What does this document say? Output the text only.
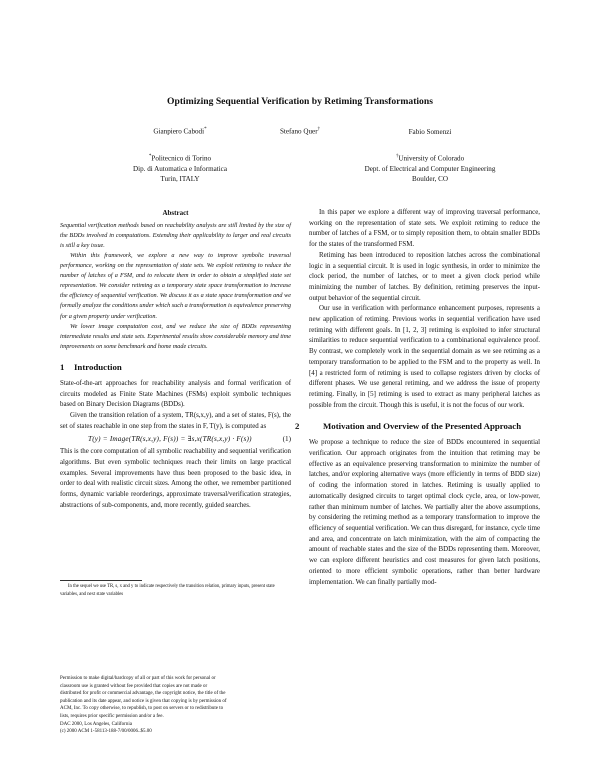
Optimizing Sequential Verification by Retiming Transformations
Gianpiero Cabodi*	Stefano Quer†	Fabio Somenzi
*Politecnico di Torino
Dip. di Automatica e Informatica
Turin, ITALY
†University of Colorado
Dept. of Electrical and Computer Engineering
Boulder, CO
Abstract

Sequential verification methods based on reachability analysis are still limited by the size of the BDDs involved in computations. Extending their applicability to larger and real circuits is still a key issue.

Within this framework, we explore a new way to improve symbolic traversal performance, working on the representation of state sets. We exploit retiming to reduce the number of latches of a FSM, and to relocate them in order to obtain a simplified state set representation. We consider retiming as a temporary state space transformation to increase the efficiency of sequential verification. We discuss it as a state space transformation and we formally analyze the conditions under which such a transformation is equivalence preserving for a given property under verification.

We lower image computation cost, and we reduce the size of BDDs representing intermediate results and state sets. Experimental results show considerable memory and time improvements on some benchmark and home made circuits.

1 Introduction

State-of-the-art approaches for reachability analysis and formal verification of circuits modeled as Finite State Machines (FSMs) exploit symbolic techniques based on Binary Decision Diagrams (BDDs).

Given the transition relation of a system, TR(s,x,y), and a set of states, F(s), the set of states reachable in one step from the states in F, T(y), is computed as

T(y) = Image(TR(s,x,y), F(s)) = ∃s,x(TR(s,x,y) · F(s))	(1)

This is the core computation of all symbolic reachability and sequential verification algorithms. But even symbolic techniques reach their limits on large practical examples. Several improvements have thus been proposed to the basic idea, in order to deal with realistic circuit sizes. Among the other, we remember partitioned forms, dynamic variable reorderings, approximate traversal/verification strategies, abstractions of sub-components, and, more recently, guided searches.

In the sequel we use TR, s, x and y to indicate respectively the transition relation, primary inputs, present state variables, and next state variables
Permission to make digital/hardcopy of all or part of this work for personal or
classroom use is granted without fee provided that copies are not made or
distributed for profit or commercial advantage, the copyright notice, the title of the
publication and its date appear, and notice is given that copying is by permission of
ACM, Inc. To copy otherwise, to republish, to post on servers or to redistribute to
lists, requires prior specific permission and/or a fee.
DAC 2000, Los Angeles, California
(c) 2000 ACM 1-58113-188-7/00/0006..$5.00

In this paper we explore a different way of improving traversal performance, working on the representation of state sets. We exploit retiming to reduce the number of latches of a FSM, or to simply reposition them, to obtain smaller BDDs for the states of the transformed FSM.

Retiming has been introduced to reposition latches across the combinational logic in a sequential circuit. It is used in logic synthesis, in order to minimize the clock period, the number of latches, or to meet a given clock period while minimizing the number of latches. By definition, retiming preserves the input-output behavior of the sequential circuit.

Our use in verification with performance enhancement purposes, represents a new application of retiming. Previous works in sequential verification have used retiming with different goals. In [1, 2, 3] retiming is exploited to infer structural similarities to reduce sequential verification to a combinational equivalence proof. By contrast, we completely work in the sequential domain as we see retiming as a temporary transformation to be applied to the FSM and to the property as well. In [4] a restricted form of retiming is used to collapse registers driven by clocks of different phases. We use general retiming, and we address the issue of property retiming. Finally, in [5] retiming is used to extract as many peripheral latches as possible from the circuit. Though this is useful, it is not the focus of our work.

2	Motivation and Overview of the Presented Approach

We propose a technique to reduce the size of BDDs encountered in sequential verification. Our approach originates from the intuition that retiming may be effective as an equivalence preserving transformation to minimize the number of latches, and/or exploring alternative ways (more efficiently in terms of BDD size) of coding the information stored in latches. Retiming is usually applied to automatically designed circuits to target optimal clock cycle, area, or low-power, rather than minimum number of latches. We partially alter the above assumptions, by considering the retiming method as a temporary transformation to improve the efficiency of sequential verification. We can thus disregard, for instance, cycle time and area, and concentrate on latch minimization, with the aim of compacting the amount of reachable states and the size of the BDDs representing them. Moreover, we can explore different heuristics and cost measures for given latch positions, oriented to more efficient symbolic operations, rather than better hardware implementation. We can finally partially mod-
